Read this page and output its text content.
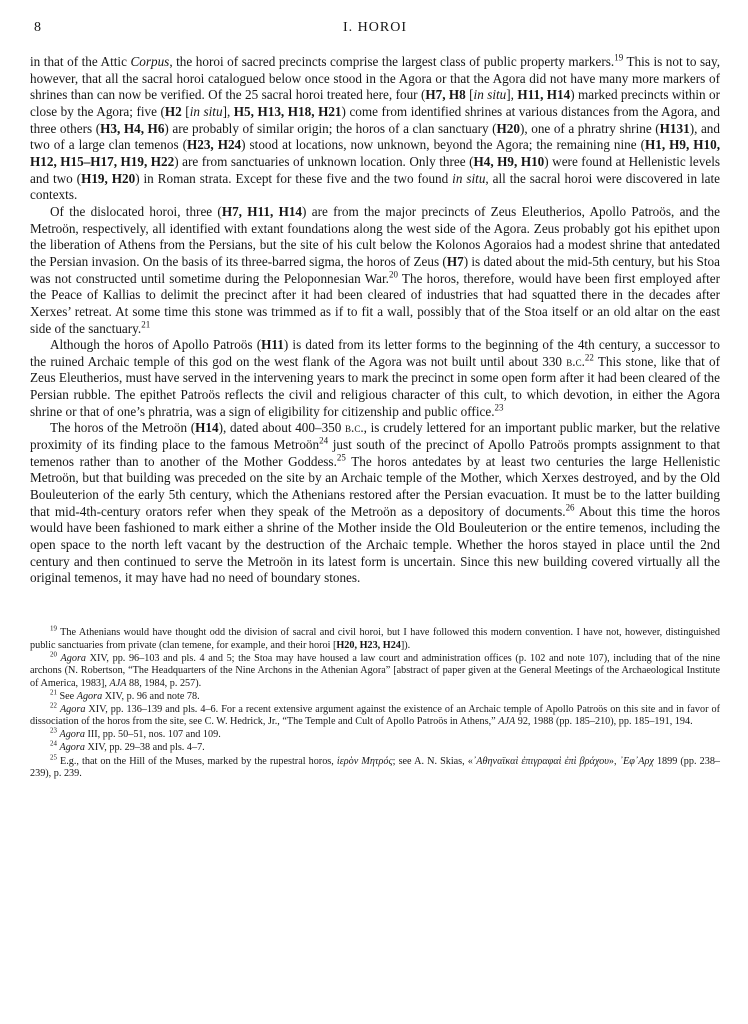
8	I. HOROI

in that of the Attic Corpus, the horoi of sacred precincts comprise the largest class of public property markers.$^{19}$ This is not to say, however, that all the sacral horoi catalogued below once stood in the Agora or that the Agora did not have many more markers of shrines than can now be verified. Of the 25 sacral horoi treated here, four (H7, H8 [in situ], H11, H14) marked precincts within or close by the Agora; five (H2 [in situ], H5, H13, H18, H21) come from identified shrines at various distances from the Agora, and three others (H3, H4, H6) are probably of similar origin; the horos of a clan sanctuary (H20), one of a phratry shrine (H131), and two of a large clan temenos (H23, H24) stood at locations, now unknown, beyond the Agora; the remaining nine (H1, H9, H10, H12, H15–H17, H19, H22) are from sanctuaries of unknown location. Only three (H4, H9, H10) were found at Hellenistic levels and two (H19, H20) in Roman strata. Except for these five and the two found in situ, all the sacral horoi were discovered in late contexts.

Of the dislocated horoi, three (H7, H11, H14) are from the major precincts of Zeus Eleutherios, Apollo Patroös, and the Metroön, respectively, all identified with extant foundations along the west side of the Agora. Zeus probably got his epithet upon the liberation of Athens from the Persians, but the site of his cult below the Kolonos Agoraios had a modest shrine that antedated the Persian invasion. On the basis of its three-barred sigma, the horos of Zeus (H7) is dated about the mid-5th century, but his Stoa was not constructed until sometime during the Peloponnesian War.$^{20}$ The horos, therefore, would have been first employed after the Peace of Kallias to delimit the precinct after it had been cleared of industries that had squatted there in the decades after Xerxes’ retreat. At some time this stone was trimmed as if to fit a wall, possibly that of the Stoa itself or an old altar on the east side of the sanctuary.$^{21}$

Although the horos of Apollo Patroös (H11) is dated from its letter forms to the beginning of the 4th century, a successor to the ruined Archaic temple of this god on the west flank of the Agora was not built until about 330 b.c.$^{22}$ This stone, like that of Zeus Eleutherios, must have served in the intervening years to mark the precinct in some open form after it had been cleared of the Persian rubble. The epithet Patroös reflects the civil and religious character of this cult, to which devotion, in either the Agora shrine or that of one’s phratria, was a sign of eligibility for citizenship and public office.$^{23}$

The horos of the Metroön (H14), dated about 400–350 b.c., is crudely lettered for an important public marker, but the relative proximity of its finding place to the famous Metroön$^{24}$ just south of the precinct of Apollo Patroös prompts assignment to that temenos rather than to another of the Mother Goddess.$^{25}$ The horos antedates by at least two centuries the large Hellenistic Metroön, but that building was preceded on the site by an Archaic temple of the Mother, which Xerxes destroyed, and by the Old Bouleuterion of the early 5th century, which the Athenians restored after the Persian evacuation. It must be to the latter building that mid-4th-century orators refer when they speak of the Metroön as a depository of documents.$^{26}$ About this time the horos would have been fashioned to mark either a shrine of the Mother inside the Old Bouleuterion or the entire temenos, including the open space to the north left vacant by the destruction of the Archaic temple. Whether the horos stayed in place until the 2nd century and then continued to serve the Metroön in its latest form is uncertain. Since this new building covered virtually all the original temenos, it may have had no need of boundary stones.

$^{19}$ The Athenians would have thought odd the division of sacral and civil horoi, but I have followed this modern convention. I have not, however, distinguished public sanctuaries from private (clan temene, for example, and their horoi [H20, H23, H24]).

$^{20}$ Agora XIV, pp. 96–103 and pls. 4 and 5; the Stoa may have housed a law court and administration offices (p. 102 and note 107), including that of the nine archons (N. Robertson, “The Headquarters of the Nine Archons in the Athenian Agora” [abstract of paper given at the General Meetings of the Archaeological Institute of America, 1983], AJA 88, 1984, p. 257).

$^{21}$ See Agora XIV, p. 96 and note 78.

$^{22}$ Agora XIV, pp. 136–139 and pls. 4–6. For a recent extensive argument against the existence of an Archaic temple of Apollo Patroös on this site and in favor of dissociation of the horos from the site, see C. W. Hedrick, Jr., “The Temple and Cult of Apollo Patroös in Athens,” AJA 92, 1988 (pp. 185–210), pp. 185–191, 194.

$^{23}$ Agora III, pp. 50–51, nos. 107 and 109.

$^{24}$ Agora XIV, pp. 29–38 and pls. 4–7.

$^{25}$ E.g., that on the Hill of the Muses, marked by the rupestral horos, ἱερὸν Μητρός; see A. N. Skias, «᾿Αθηναϊκαὶ ἐπιγραφαὶ ἐπὶ βράχου», ᾿Εφ᾿Αρχ 1899 (pp. 238–239), p. 239.
